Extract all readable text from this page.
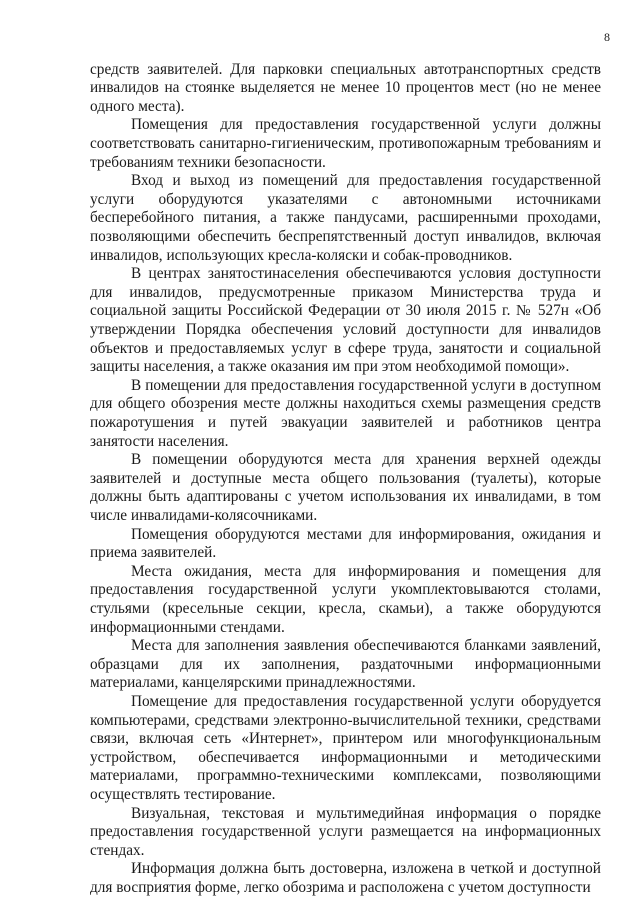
8
средств заявителей. Для парковки специальных автотранспортных средств
инвалидов на стоянке выделяется не менее 10 процентов мест (но не менее
одного места).
Помещения для предоставления государственной услуги должны
соответствовать санитарно-гигиеническим, противопожарным требованиям и
требованиям техники безопасности.
Вход и выход из помещений для предоставления государственной
услуги оборудуются указателями с автономными источниками
бесперебойного питания, а также пандусами, расширенными проходами,
позволяющими обеспечить беспрепятственный доступ инвалидов, включая
инвалидов, использующих кресла-коляски и собак-проводников.
В центрах занятостинаселения обеспечиваются условия доступности
для инвалидов, предусмотренные приказом Министерства труда и
социальной защиты Российской Федерации от 30 июля 2015 г. № 527н «Об
утверждении Порядка обеспечения условий доступности для инвалидов
объектов и предоставляемых услуг в сфере труда, занятости и социальной
защиты населения, а также оказания им при этом необходимой помощи».
В помещении для предоставления государственной услуги в доступном
для общего обозрения месте должны находиться схемы размещения средств
пожаротушения и путей эвакуации заявителей и работников центра
занятости населения.
В помещении оборудуются места для хранения верхней одежды
заявителей и доступные места общего пользования (туалеты), которые
должны быть адаптированы с учетом использования их инвалидами, в том
числе инвалидами-колясочниками.
Помещения оборудуются местами для информирования, ожидания и
приема заявителей.
Места ожидания, места для информирования и помещения для
предоставления государственной услуги укомплектовываются столами,
стульями (кресельные секции, кресла, скамьи), а также оборудуются
информационными стендами.
Места для заполнения заявления обеспечиваются бланками заявлений,
образцами для их заполнения, раздаточными информационными
материалами, канцелярскими принадлежностями.
Помещение для предоставления государственной услуги оборудуется
компьютерами, средствами электронно-вычислительной техники, средствами
связи, включая сеть «Интернет», принтером или многофункциональным
устройством, обеспечивается информационными и методическими
материалами, программно-техническими комплексами, позволяющими
осуществлять тестирование.
Визуальная, текстовая и мультимедийная информация о порядке
предоставления государственной услуги размещается на информационных
стендах.
Информация должна быть достоверна, изложена в четкой и доступной
для восприятия форме, легко обозрима и расположена с учетом доступности
